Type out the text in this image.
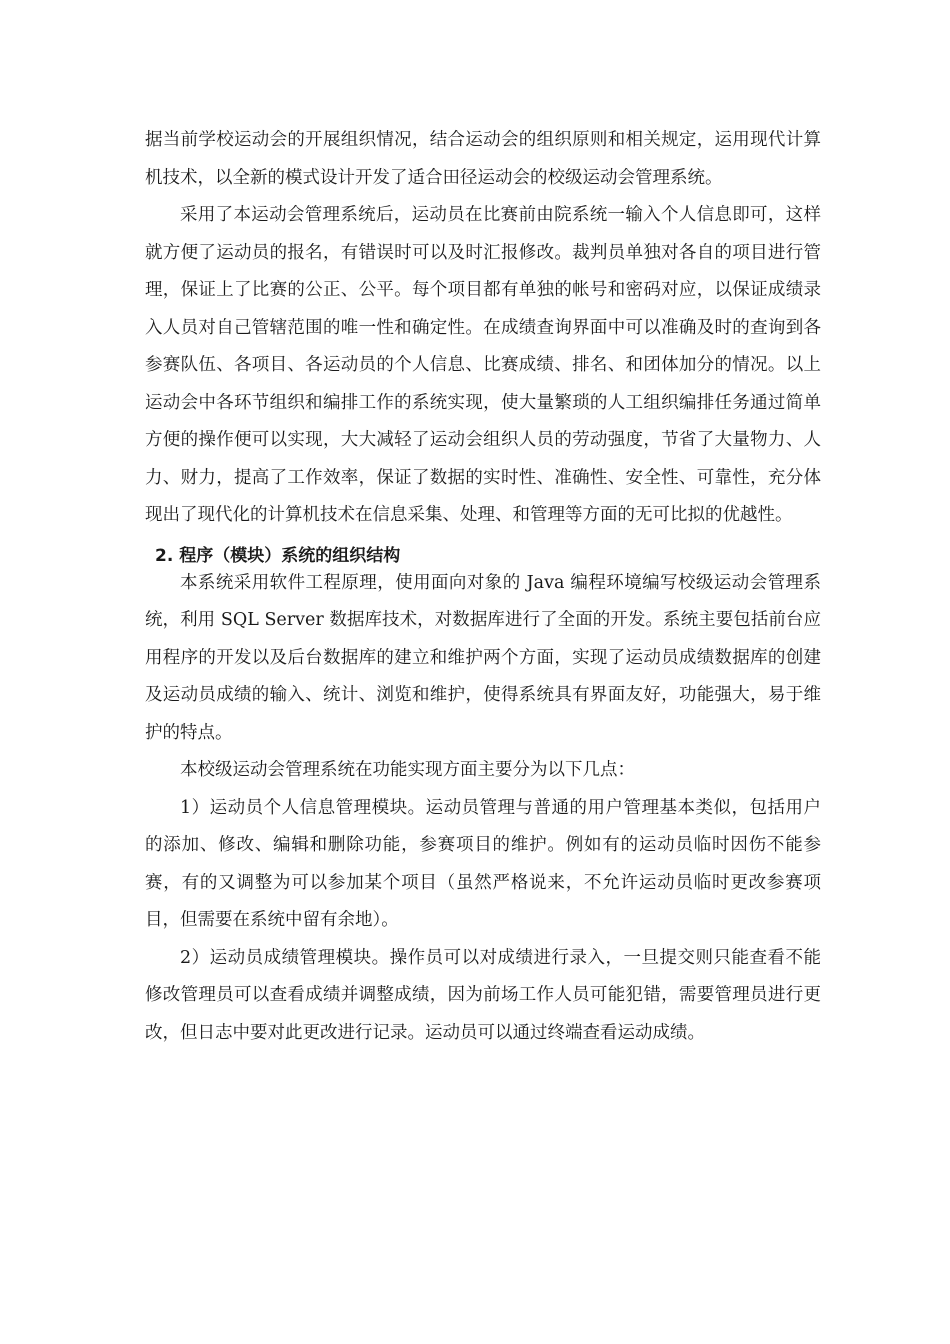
据当前学校运动会的开展组织情况，结合运动会的组织原则和相关规定，运用现代计算机技术，以全新的模式设计开发了适合田径运动会的校级运动会管理系统。

采用了本运动会管理系统后，运动员在比赛前由院系统一输入个人信息即可，这样就方便了运动员的报名，有错误时可以及时汇报修改。裁判员单独对各自的项目进行管理，保证上了比赛的公正、公平。每个项目都有单独的帐号和密码对应，以保证成绩录入人员对自己管辖范围的唯一性和确定性。在成绩查询界面中可以准确及时的查询到各参赛队伍、各项目、各运动员的个人信息、比赛成绩、排名、和团体加分的情况。以上运动会中各环节组织和编排工作的系统实现，使大量繁琐的人工组织编排任务通过简单方便的操作便可以实现，大大减轻了运动会组织人员的劳动强度，节省了大量物力、人力、财力，提高了工作效率，保证了数据的实时性、准确性、安全性、可靠性，充分体现出了现代化的计算机技术在信息采集、处理、和管理等方面的无可比拟的优越性。

2. 程序（模块）系统的组织结构

本系统采用软件工程原理，使用面向对象的 Java 编程环境编写校级运动会管理系统，利用 SQL Server 数据库技术，对数据库进行了全面的开发。系统主要包括前台应用程序的开发以及后台数据库的建立和维护两个方面，实现了运动员成绩数据库的创建及运动员成绩的输入、统计、浏览和维护，使得系统具有界面友好，功能强大，易于维护的特点。

本校级运动会管理系统在功能实现方面主要分为以下几点：

1）运动员个人信息管理模块。运动员管理与普通的用户管理基本类似，包括用户的添加、修改、编辑和删除功能，参赛项目的维护。例如有的运动员临时因伤不能参赛，有的又调整为可以参加某个项目（虽然严格说来，不允许运动员临时更改参赛项目，但需要在系统中留有余地）。

2）运动员成绩管理模块。操作员可以对成绩进行录入，一旦提交则只能查看不能修改管理员可以查看成绩并调整成绩，因为前场工作人员可能犯错，需要管理员进行更改，但日志中要对此更改进行记录。运动员可以通过终端查看运动成绩。
